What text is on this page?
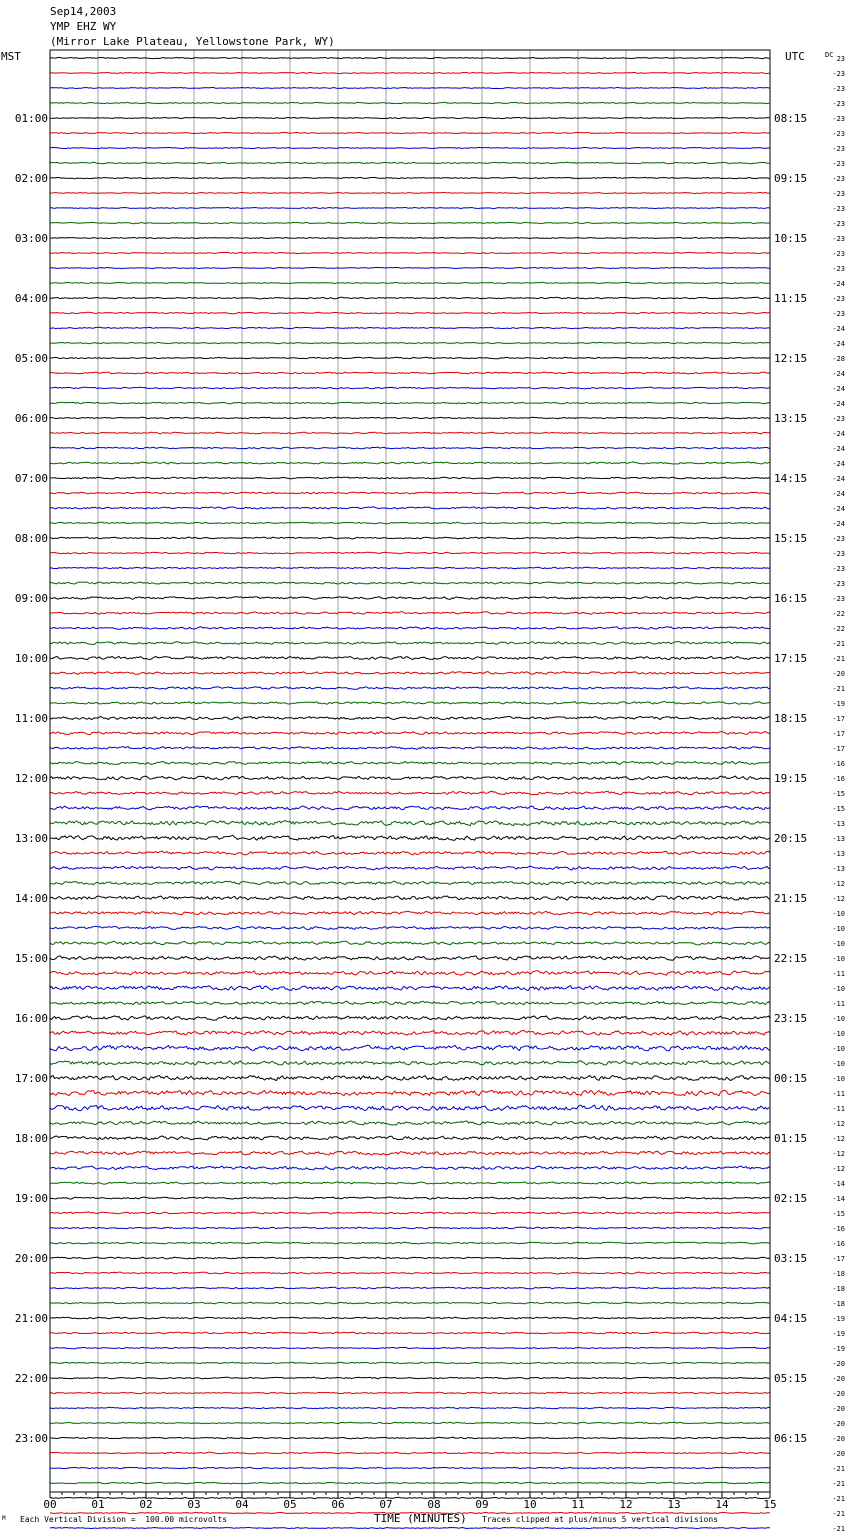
Sep14,2003
YMP EHZ WY
(Mirror Lake Plateau, Yellowstone Park, WY)
MST	UTC
00	01	02	03	04	05	06	07	08	09	10	11	12	13	14	15
01:00
02:00
03:00
04:00
05:00
06:00
07:00
08:00
09:00
10:00
11:00
12:00
13:00
14:00
15:00
16:00
17:00
18:00
19:00
20:00
21:00
22:00
23:00
08:15
09:15
10:15
11:15
12:15
13:15
14:15
15:15
16:15
17:15
18:15
19:15
20:15
21:15
22:15
23:15
00:15
01:15
02:15
03:15
04:15
05:15
06:15
23
-23
-23
-23
-23
-23
-23
-23
-23
-23
-23
-23
-23
-23
-23
-24
-23
-23
-24
-24
-28
-24
-24
-24
-23
-24
-24
-24
-24
-24
-24
-24
-23
-23
-23
-23
-23
-22
-22
-21
-21
-20
-21
-19
-17
-17
-17
-16
-16
-15
-15
-13
-13
-13
-13
-12
-12
-10
-10
-10
-10
-11
-10
-11
-10
-10
-10
-10
-10
-11
-11
-12
-12
-12
-12
-14
-14
-15
-16
-16
-17
-18
-18
-18
-19
-19
-19
-20
-20
-20
-20
-20
-20
-20
-21
-21
-21
-21
-21
DC
M Each Vertical Division =  100.00 microvolts	TIME (MINUTES) Traces clipped at plus/minus 5 vertical divisions
